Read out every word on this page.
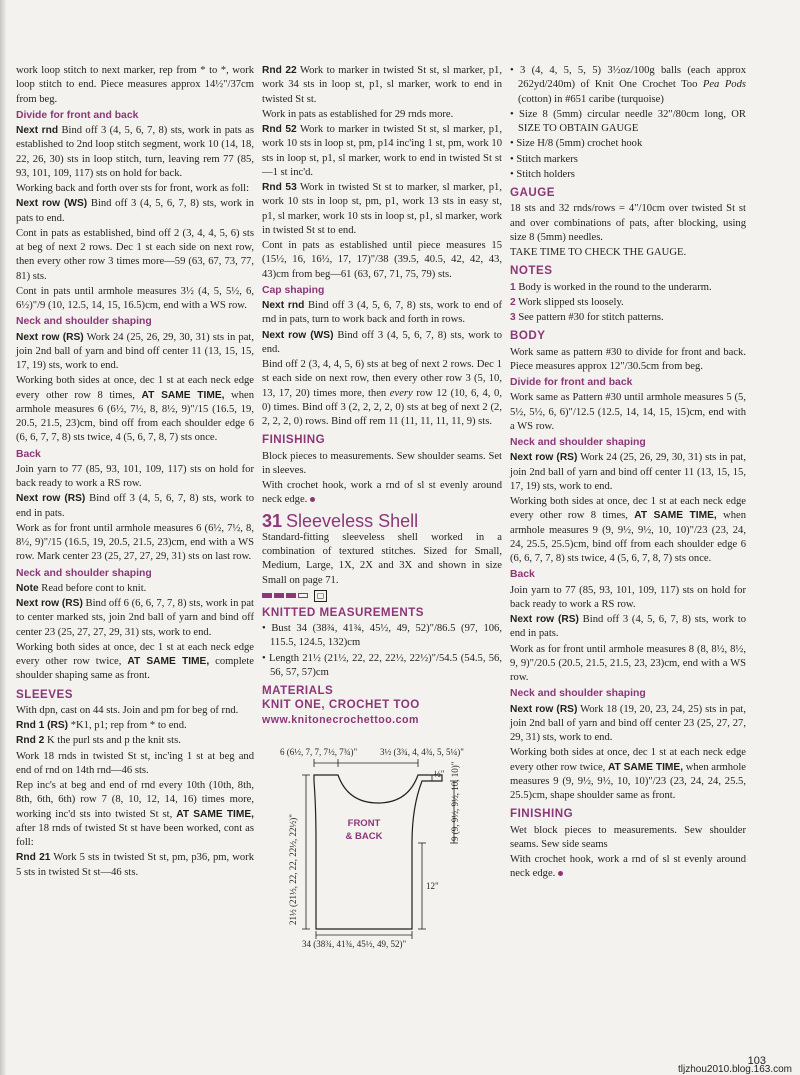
work loop stitch to next marker, rep from * to *, work loop stitch to end. Piece measures approx 14½"/37cm from beg.

Divide for front and back

Next rnd Bind off 3 (4, 5, 6, 7, 8) sts, work in pats as established to 2nd loop stitch segment, work 10 (14, 18, 22, 26, 30) sts in loop stitch, turn, leaving rem 77 (85, 93, 101, 109, 117) sts on hold for back.

Working back and forth over sts for front, work as foll:

Next row (WS) Bind off 3 (4, 5, 6, 7, 8) sts, work in pats to end.

Cont in pats as established, bind off 2 (3, 4, 4, 5, 6) sts at beg of next 2 rows. Dec 1 st each side on next row, then every other row 3 times more—59 (63, 67, 73, 77, 81) sts.

Cont in pats until armhole measures 3½ (4, 5, 5½, 6, 6½)"/9 (10, 12.5, 14, 15, 16.5)cm, end with a WS row.

Neck and shoulder shaping

Next row (RS) Work 24 (25, 26, 29, 30, 31) sts in pat, join 2nd ball of yarn and bind off center 11 (13, 15, 15, 17, 19) sts, work to end.

Working both sides at once, dec 1 st at each neck edge every other row 8 times, AT SAME TIME, when armhole measures 6 (6½, 7½, 8, 8½, 9)"/15 (16.5, 19, 20.5, 21.5, 23)cm, bind off from each shoulder edge 6 (6, 6, 7, 7, 8) sts twice, 4 (5, 6, 7, 8, 7) sts once.

Back

Join yarn to 77 (85, 93, 101, 109, 117) sts on hold for back ready to work a RS row.

Next row (RS) Bind off 3 (4, 5, 6, 7, 8) sts, work to end in pats.

Work as for front until armhole measures 6 (6½, 7½, 8, 8½, 9)"/15 (16.5, 19, 20.5, 21.5, 23)cm, end with a WS row. Mark center 23 (25, 27, 27, 29, 31) sts on last row.

Neck and shoulder shaping

Note Read before cont to knit.

Next row (RS) Bind off 6 (6, 6, 7, 7, 8) sts, work in pat to center marked sts, join 2nd ball of yarn and bind off center 23 (25, 27, 27, 29, 31) sts, work to end.

Working both sides at once, dec 1 st at each neck edge every other row twice, AT SAME TIME, complete shoulder shaping same as front.

SLEEVES

With dpn, cast on 44 sts. Join and pm for beg of rnd.

Rnd 1 (RS) *K1, p1; rep from * to end.

Rnd 2 K the purl sts and p the knit sts.

Work 18 rnds in twisted St st, inc'ing 1 st at beg and end of rnd on 14th rnd—46 sts.

Rep inc's at beg and end of rnd every 10th (10th, 8th, 8th, 6th, 6th) row 7 (8, 10, 12, 14, 16) times more, working inc'd sts into twisted St st, AT SAME TIME, after 18 rnds of twisted St st have been worked, cont as foll:

Rnd 21 Work 5 sts in twisted St st, pm, p36, pm, work 5 sts in twisted St st—46 sts.

Rnd 22 Work to marker in twisted St st, sl marker, p1, work 34 sts in loop st, p1, sl marker, work to end in twisted St st.

Work in pats as established for 29 rnds more.

Rnd 52 Work to marker in twisted St st, sl marker, p1, work 10 sts in loop st, pm, p14 inc'ing 1 st, pm, work 10 sts in loop st, p1, sl marker, work to end in twisted St st—1 st inc'd.

Rnd 53 Work in twisted St st to marker, sl marker, p1, work 10 sts in loop st, pm, p1, work 13 sts in easy st, p1, sl marker, work 10 sts in loop st, p1, sl marker, work in twisted St st to end.

Cont in pats as established until piece measures 15 (15½, 16, 16½, 17, 17)"/38 (39.5, 40.5, 42, 42, 43, 43)cm from beg—61 (63, 67, 71, 75, 79) sts.

Cap shaping

Next rnd Bind off 3 (4, 5, 6, 7, 8) sts, work to end of rnd in pats, turn to work back and forth in rows.

Next row (WS) Bind off 3 (4, 5, 6, 7, 8) sts, work to end.

Bind off 2 (3, 4, 4, 5, 6) sts at beg of next 2 rows. Dec 1 st each side on next row, then every other row 3 (5, 10, 13, 17, 20) times more, then every row 12 (10, 6, 4, 0, 0) times. Bind off 3 (2, 2, 2, 2, 0) sts at beg of next 2 (2, 2, 2, 2, 0) rows. Bind off rem 11 (11, 11, 11, 11, 9) sts.

FINISHING

Block pieces to measurements. Sew shoulder seams. Set in sleeves.

With crochet hook, work a rnd of sl st evenly around neck edge.

31 Sleeveless Shell

Standard-fitting sleeveless shell worked in a combination of textured stitches. Sized for Small, Medium, Large, 1X, 2X and 3X and shown in size Small on page 71.

▢
KNITTED MEASUREMENTS

• Bust 34 (38¾, 41¾, 45½, 49, 52)"/86.5 (97, 106, 115.5, 124.5, 132)cm

• Length 21½ (21½, 22, 22, 22½, 22½)"/54.5 (54.5, 56, 56, 57, 57)cm

MATERIALS
KNIT ONE, CROCHET TOO
www.knitonecrochettoo.com
6 (6½, 7, 7, 7½, 7¾)"	3½ (3¾, 4, 4¾, 5, 5¼)"
½"
12"
9 (9, 9½, 9½, 10, 10)"
21½ (21½, 22, 22, 22½, 22½)"
34 (38¾, 41¾, 45½, 49, 52)"
FRONT
& BACK

• 3 (4, 4, 5, 5, 5) 3½oz/100g balls (each approx 262yd/240m) of Knit One Crochet Too Pea Pods (cotton) in #651 caribe (turquoise)

• Size 8 (5mm) circular needle 32"/80cm long, OR SIZE TO OBTAIN GAUGE

• Size H/8 (5mm) crochet hook

• Stitch markers

• Stitch holders

GAUGE

18 sts and 32 rnds/rows = 4"/10cm over twisted St st and over combinations of pats, after blocking, using size 8 (5mm) needles.

TAKE TIME TO CHECK THE GAUGE.

NOTES

1 Body is worked in the round to the underarm.

2 Work slipped sts loosely.

3 See pattern #30 for stitch patterns.

BODY

Work same as pattern #30 to divide for front and back. Piece measures approx 12"/30.5cm from beg.

Divide for front and back

Work same as Pattern #30 until armhole measures 5 (5, 5½, 5½, 6, 6)"/12.5 (12.5, 14, 14, 15, 15)cm, end with a WS row.

Neck and shoulder shaping

Next row (RS) Work 24 (25, 26, 29, 30, 31) sts in pat, join 2nd ball of yarn and bind off center 11 (13, 15, 15, 17, 19) sts, work to end.

Working both sides at once, dec 1 st at each neck edge every other row 8 times, AT SAME TIME, when armhole measures 9 (9, 9½, 9½, 10, 10)"/23 (23, 24, 24, 25.5, 25.5)cm, bind off from each shoulder edge 6 (6, 6, 7, 7, 8) sts twice, 4 (5, 6, 7, 8, 7) sts once.

Back

Join yarn to 77 (85, 93, 101, 109, 117) sts on hold for back ready to work a RS row.

Next row (RS) Bind off 3 (4, 5, 6, 7, 8) sts, work to end in pats.

Work as for front until armhole measures 8 (8, 8½, 8½, 9, 9)"/20.5 (20.5, 21.5, 21.5, 23, 23)cm, end with a WS row.

Neck and shoulder shaping

Next row (RS) Work 18 (19, 20, 23, 24, 25) sts in pat, join 2nd ball of yarn and bind off center 23 (25, 27, 27, 29, 31) sts, work to end.

Working both sides at once, dec 1 st at each neck edge every other row twice, AT SAME TIME, when armhole measures 9 (9, 9½, 9½, 10, 10)"/23 (23, 24, 24, 25.5, 25.5)cm, shape shoulder same as front.

FINISHING

Wet block pieces to measurements. Sew shoulder seams. Sew side seams

With crochet hook, work a rnd of sl st evenly around neck edge.

103
tljzhou2010.blog.163.com
